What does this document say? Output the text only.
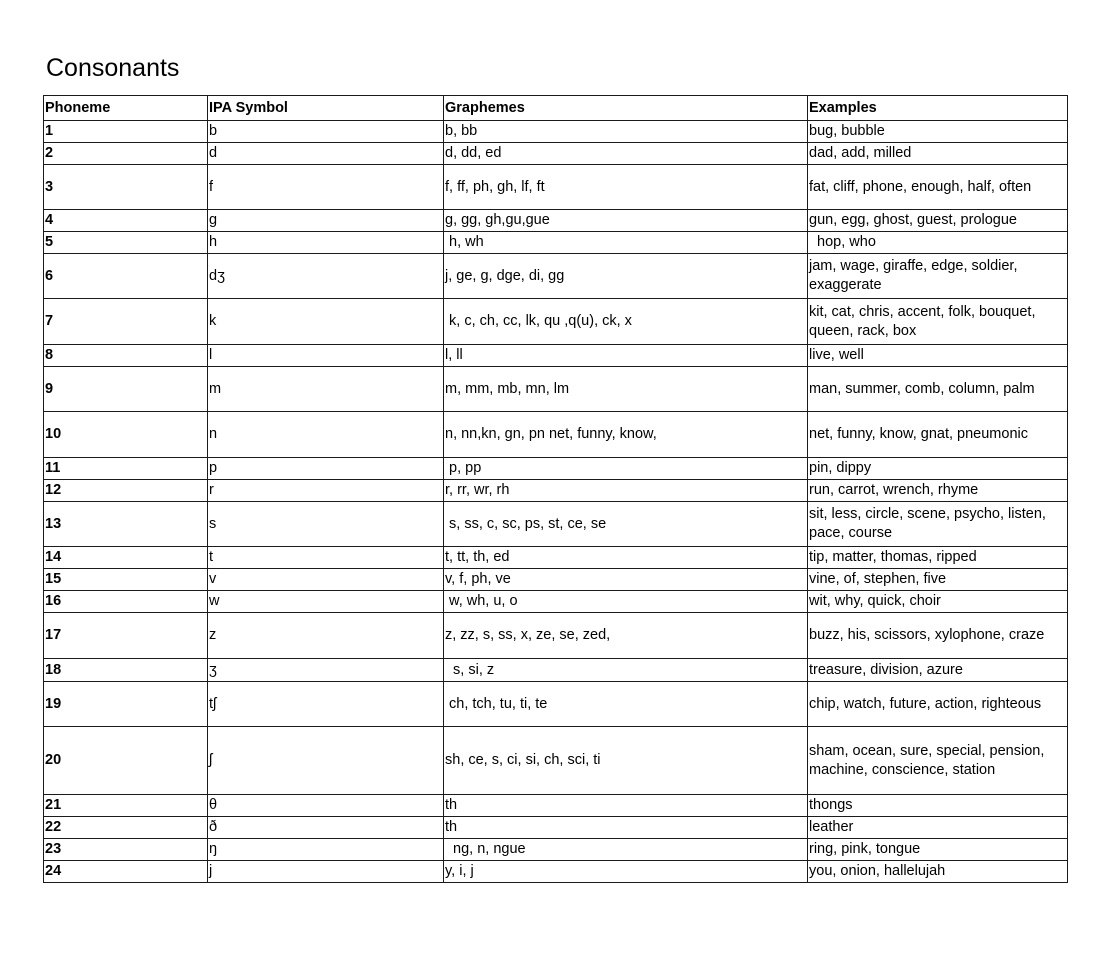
Consonants
Phoneme	IPA Symbol	Graphemes	Examples
1	b	b, bb	bug, bubble
2	d	d, dd, ed	dad, add, milled
3	f	f, ff, ph, gh, lf, ft	fat, cliff, phone, enough, half, often
4	g	g, gg, gh,gu,gue	gun, egg, ghost, guest, prologue
5	h	h, wh	hop, who
6	dʒ	j, ge, g, dge, di, gg	jam, wage, giraffe, edge, soldier, exaggerate
7	k	k, c, ch, cc, lk, qu ,q(u), ck, x	kit, cat, chris, accent, folk, bouquet, queen, rack, box
8	l	l, ll	live, well
9	m	m, mm, mb, mn, lm	man, summer, comb, column, palm
10	n	n, nn,kn, gn, pn net, funny, know,	net, funny, know, gnat, pneumonic
11	p	p, pp	pin, dippy
12	r	r, rr, wr, rh	run, carrot, wrench, rhyme
13	s	s, ss, c, sc, ps, st, ce, se	sit, less, circle, scene, psycho, listen, pace, course
14	t	t, tt, th, ed	tip, matter, thomas, ripped
15	v	v, f, ph, ve	vine, of, stephen, five
16	w	w, wh, u, o	wit, why, quick, choir
17	z	z, zz, s, ss, x, ze, se, zed,	buzz, his, scissors, xylophone, craze
18	ʒ	s, si, z	treasure, division, azure
19	tʃ	ch, tch, tu, ti, te	chip, watch, future, action, righteous
20	ʃ	sh, ce, s, ci, si, ch, sci, ti	sham, ocean, sure, special, pension, machine, conscience, station
21	θ	th	thongs
22	ð	th	leather
23	ŋ	ng, n, ngue	ring, pink, tongue
24	j	y, i, j	you, onion, hallelujah
